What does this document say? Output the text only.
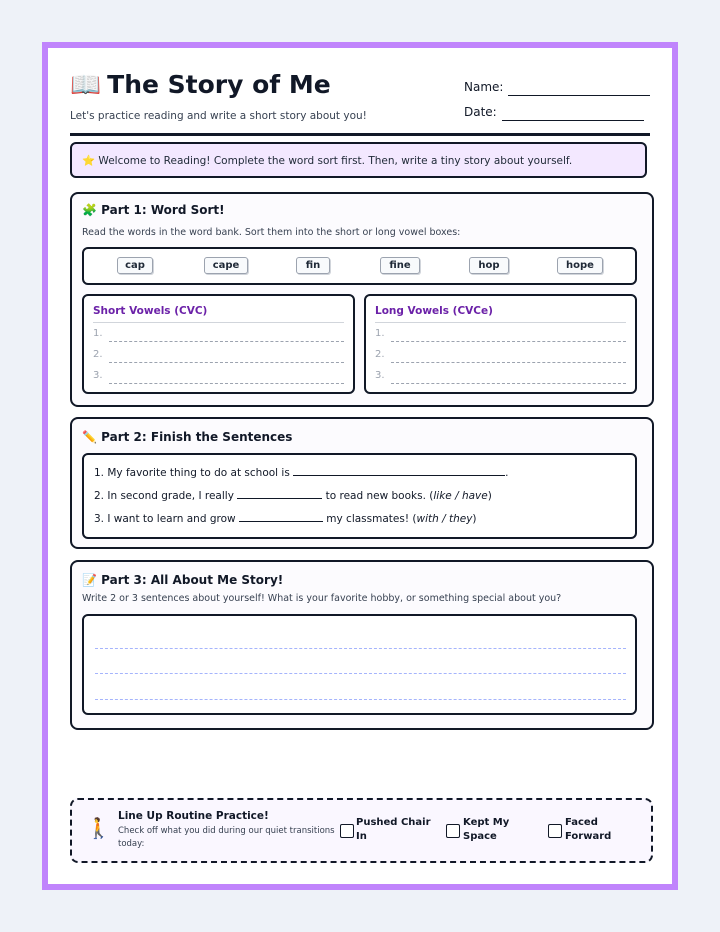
📖 The Story of Me
Let's practice reading and write a short story about you!
Name:
Date:
⭐ Welcome to Reading! Complete the word sort first. Then, write a tiny story about yourself.
🧩 Part 1: Word Sort!
Read the words in the word bank. Sort them into the short or long vowel boxes:
cap	cape	fin	fine	hop	hope
Short Vowels (CVC)
1.
2.
3.
Long Vowels (CVCe)
1.
2.
3.
✏️ Part 2: Finish the Sentences
1. My favorite thing to do at school is	.
2. In second grade, I really	to read new books. (like / have)
3. I want to learn and grow	my classmates! (with / they)
📝 Part 3: All About Me Story!
Write 2 or 3 sentences about yourself! What is your favorite hobby, or something special about you?
🚶 Line Up Routine Practice!
Check off what you did during our quiet transitions
today:
Pushed Chair
In
Kept My
Space
Faced
Forward
